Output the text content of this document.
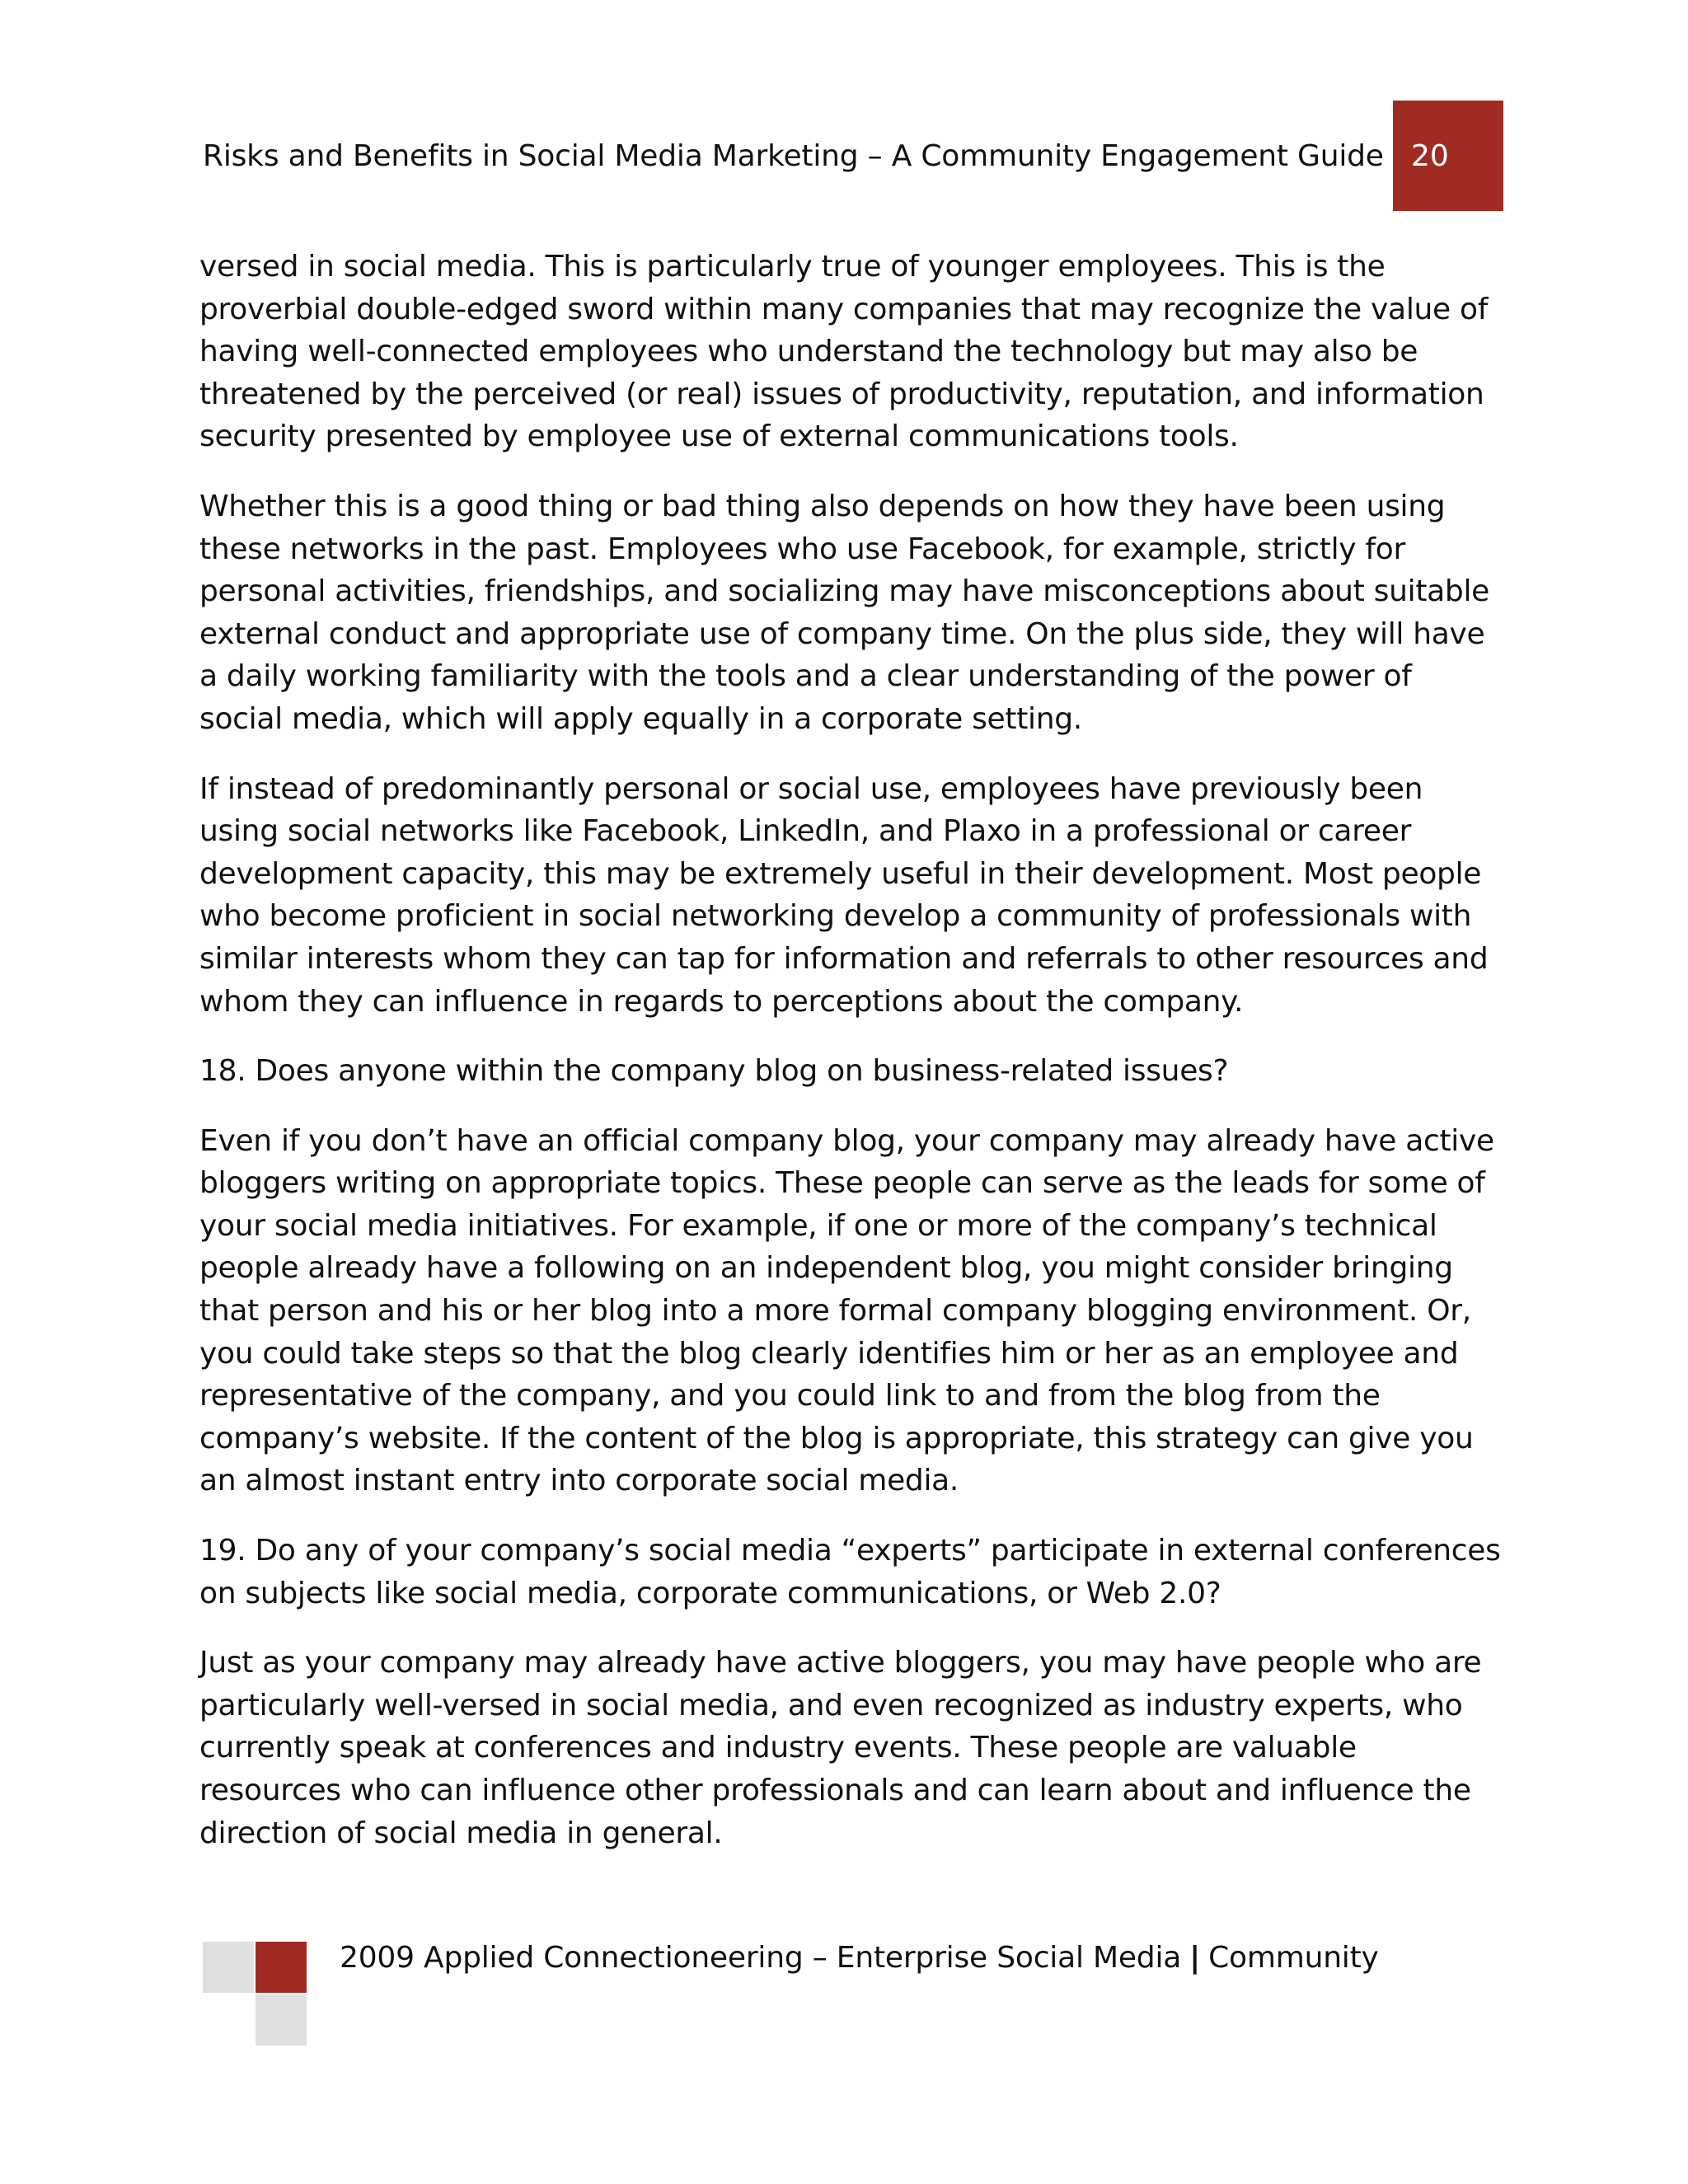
Risks and Benefits in Social Media Marketing – A Community Engagement Guide 20

versed in social media. This is particularly true of younger employees. This is the proverbial double-edged sword within many companies that may recognize the value of having well-connected employees who understand the technology but may also be threatened by the perceived (or real) issues of productivity, reputation, and information security presented by employee use of external communications tools.

Whether this is a good thing or bad thing also depends on how they have been using these networks in the past. Employees who use Facebook, for example, strictly for personal activities, friendships, and socializing may have misconceptions about suitable external conduct and appropriate use of company time. On the plus side, they will have a daily working familiarity with the tools and a clear understanding of the power of social media, which will apply equally in a corporate setting.

If instead of predominantly personal or social use, employees have previously been using social networks like Facebook, LinkedIn, and Plaxo in a professional or career development capacity, this may be extremely useful in their development. Most people who become proficient in social networking develop a community of professionals with similar interests whom they can tap for information and referrals to other resources and whom they can influence in regards to perceptions about the company.

18. Does anyone within the company blog on business-related issues?

Even if you don’t have an official company blog, your company may already have active bloggers writing on appropriate topics. These people can serve as the leads for some of your social media initiatives. For example, if one or more of the company’s technical people already have a following on an independent blog, you might consider bringing that person and his or her blog into a more formal company blogging environment. Or, you could take steps so that the blog clearly identifies him or her as an employee and representative of the company, and you could link to and from the blog from the company’s website. If the content of the blog is appropriate, this strategy can give you an almost instant entry into corporate social media.

19. Do any of your company’s social media “experts” participate in external conferences on subjects like social media, corporate communications, or Web 2.0?

Just as your company may already have active bloggers, you may have people who are particularly well-versed in social media, and even recognized as industry experts, who currently speak at conferences and industry events. These people are valuable resources who can influence other professionals and can learn about and influence the direction of social media in general.

2009 Applied Connectioneering – Enterprise Social Media | Community
